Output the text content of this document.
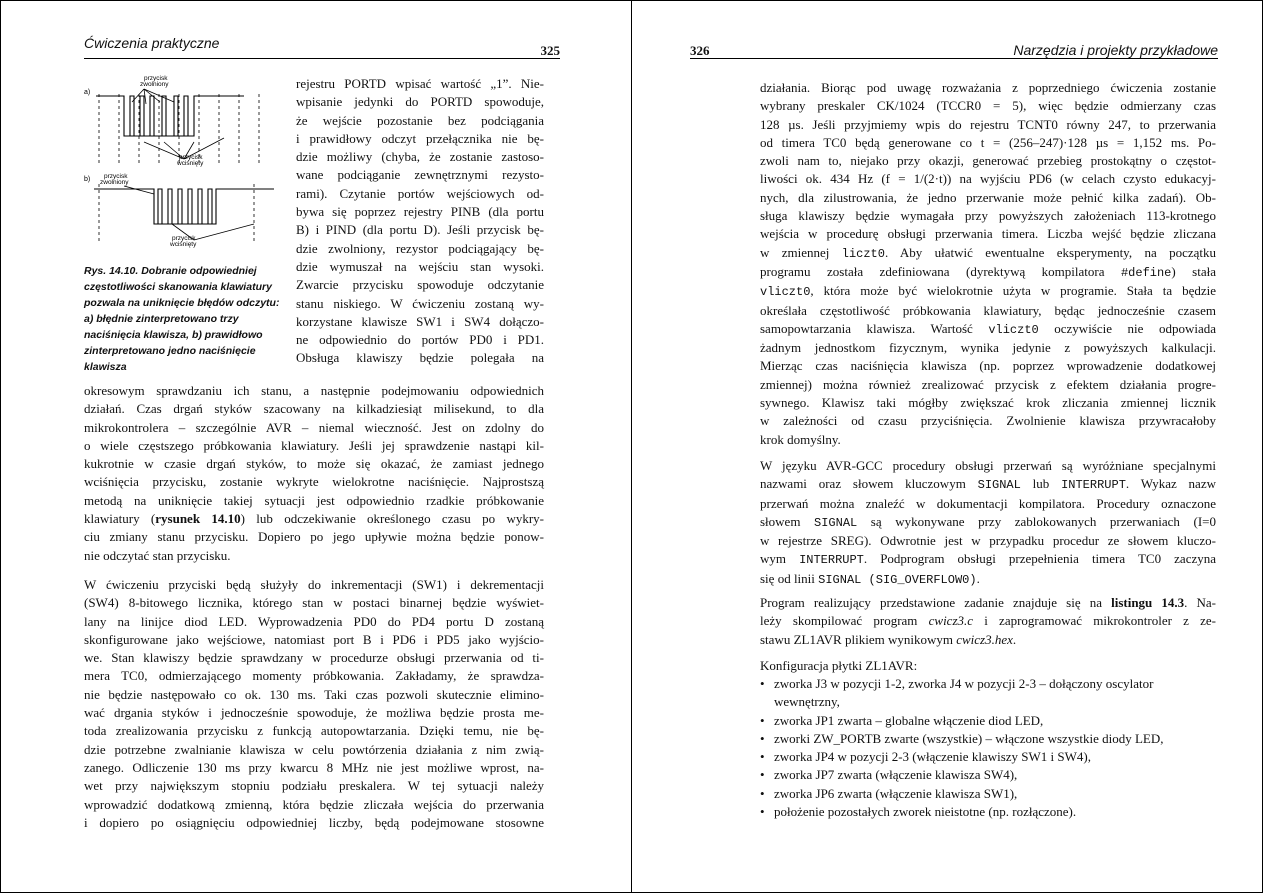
Ćwiczenia praktyczne	325
a)
b)
przycisk zwolniony
przycisk wciśnięty
przycisk zwolniony
przycisk wciśnięty
Rys. 14.10. Dobranie odpowiedniej częstotliwości skanowania klawiatury pozwala na uniknięcie błędów odczytu: a) błędnie zinterpretowano trzy naciśnięcia klawisza, b) prawidłowo zinterpretowano jedno naciśnięcie klawisza
rejestru PORTD wpisać wartość „1”. Nie-
wpisanie jedynki do PORTD spowoduje,
że wejście pozostanie bez podciągania
i prawidłowy odczyt przełącznika nie bę-
dzie możliwy (chyba, że zostanie zastoso-
wane podciąganie zewnętrznymi rezysto-
rami). Czytanie portów wejściowych od-
bywa się poprzez rejestry PINB (dla portu
B) i PIND (dla portu D). Jeśli przycisk bę-
dzie zwolniony, rezystor podciągający bę-
dzie wymuszał na wejściu stan wysoki.
Zwarcie przycisku spowoduje odczytanie
stanu niskiego. W ćwiczeniu zostaną wy-
korzystane klawisze SW1 i SW4 dołączo-
ne odpowiednio do portów PD0 i PD1.
Obsługa klawiszy będzie polegała na
okresowym sprawdzaniu ich stanu, a następnie podejmowaniu odpowiednich
działań. Czas drgań styków szacowany na kilkadziesiąt milisekund, to dla
mikrokontrolera – szczególnie AVR – niemal wieczność. Jest on zdolny do
o wiele częstszego próbkowania klawiatury. Jeśli jej sprawdzenie nastąpi kil-
kukrotnie w czasie drgań styków, to może się okazać, że zamiast jednego
wciśnięcia przycisku, zostanie wykryte wielokrotne naciśnięcie. Najprostszą
metodą na uniknięcie takiej sytuacji jest odpowiednio rzadkie próbkowanie
klawiatury (rysunek 14.10) lub odczekiwanie określonego czasu po wykry-
ciu zmiany stanu przycisku. Dopiero po jego upływie można będzie ponow-
nie odczytać stan przycisku.
W ćwiczeniu przyciski będą służyły do inkrementacji (SW1) i dekrementacji
(SW4) 8-bitowego licznika, którego stan w postaci binarnej będzie wyświet-
lany na linijce diod LED. Wyprowadzenia PD0 do PD4 portu D zostaną
skonfigurowane jako wejściowe, natomiast port B i PD6 i PD5 jako wyjścio-
we. Stan klawiszy będzie sprawdzany w procedurze obsługi przerwania od ti-
mera TC0, odmierzającego momenty próbkowania. Zakładamy, że sprawdza-
nie będzie następowało co ok. 130 ms. Taki czas pozwoli skutecznie elimino-
wać drgania styków i jednocześnie spowoduje, że możliwa będzie prosta me-
toda zrealizowania przycisku z funkcją autopowtarzania. Dzięki temu, nie bę-
dzie potrzebne zwalnianie klawisza w celu powtórzenia działania z nim zwią-
zanego. Odliczenie 130 ms przy kwarcu 8 MHz nie jest możliwe wprost, na-
wet przy największym stopniu podziału preskalera. W tej sytuacji należy
wprowadzić dodatkową zmienną, która będzie zliczała wejścia do przerwania
i dopiero po osiągnięciu odpowiedniej liczby, będą podejmowane stosowne
326	Narzędzia i projekty przykładowe
działania. Biorąc pod uwagę rozważania z poprzedniego ćwiczenia zostanie
wybrany preskaler CK/1024 (TCCR0 = 5), więc będzie odmierzany czas
128 µs. Jeśli przyjmiemy wpis do rejestru TCNT0 równy 247, to przerwania
od timera TC0 będą generowane co t = (256–247)·128 µs = 1,152 ms. Po-
zwoli nam to, niejako przy okazji, generować przebieg prostokątny o częstot-
liwości ok. 434 Hz (f = 1/(2·t)) na wyjściu PD6 (w celach czysto edukacyj-
nych, dla zilustrowania, że jedno przerwanie może pełnić kilka zadań). Ob-
sługa klawiszy będzie wymagała przy powyższych założeniach 113-krotnego
wejścia w procedurę obsługi przerwania timera. Liczba wejść będzie zliczana
w zmiennej liczt0. Aby ułatwić ewentualne eksperymenty, na początku
programu została zdefiniowana (dyrektywą kompilatora #define) stała
vliczt0, która może być wielokrotnie użyta w programie. Stała ta będzie
określała częstotliwość próbkowania klawiatury, będąc jednocześnie czasem
samopowtarzania klawisza. Wartość vliczt0 oczywiście nie odpowiada
żadnym jednostkom fizycznym, wynika jedynie z powyższych kalkulacji.
Mierząc czas naciśnięcia klawisza (np. poprzez wprowadzenie dodatkowej
zmiennej) można również zrealizować przycisk z efektem działania progre-
sywnego. Klawisz taki mógłby zwiększać krok zliczania zmiennej licznik
w zależności od czasu przyciśnięcia. Zwolnienie klawisza przywracałoby
krok domyślny.
W języku AVR-GCC procedury obsługi przerwań są wyróżniane specjalnymi
nazwami oraz słowem kluczowym SIGNAL lub INTERRUPT. Wykaz nazw
przerwań można znaleźć w dokumentacji kompilatora. Procedury oznaczone
słowem SIGNAL są wykonywane przy zablokowanych przerwaniach (I=0
w rejestrze SREG). Odwrotnie jest w przypadku procedur ze słowem kluczo-
wym INTERRUPT. Podprogram obsługi przepełnienia timera TC0 zaczyna
się od linii SIGNAL (SIG_OVERFLOW0).
Program realizujący przedstawione zadanie znajduje się na listingu 14.3. Na-
leży skompilować program cwicz3.c i zaprogramować mikrokontroler z ze-
stawu ZL1AVR plikiem wynikowym cwicz3.hex.
Konfiguracja płytki ZL1AVR:
• zworka J3 w pozycji 1-2, zworka J4 w pozycji 2-3 – dołączony oscylator wewnętrzny,
• zworka JP1 zwarta – globalne włączenie diod LED,
• zworki ZW_PORTB zwarte (wszystkie) – włączone wszystkie diody LED,
• zworka JP4 w pozycji 2-3 (włączenie klawiszy SW1 i SW4),
• zworka JP7 zwarta (włączenie klawisza SW4),
• zworka JP6 zwarta (włączenie klawisza SW1),
• położenie pozostałych zworek nieistotne (np. rozłączone).
